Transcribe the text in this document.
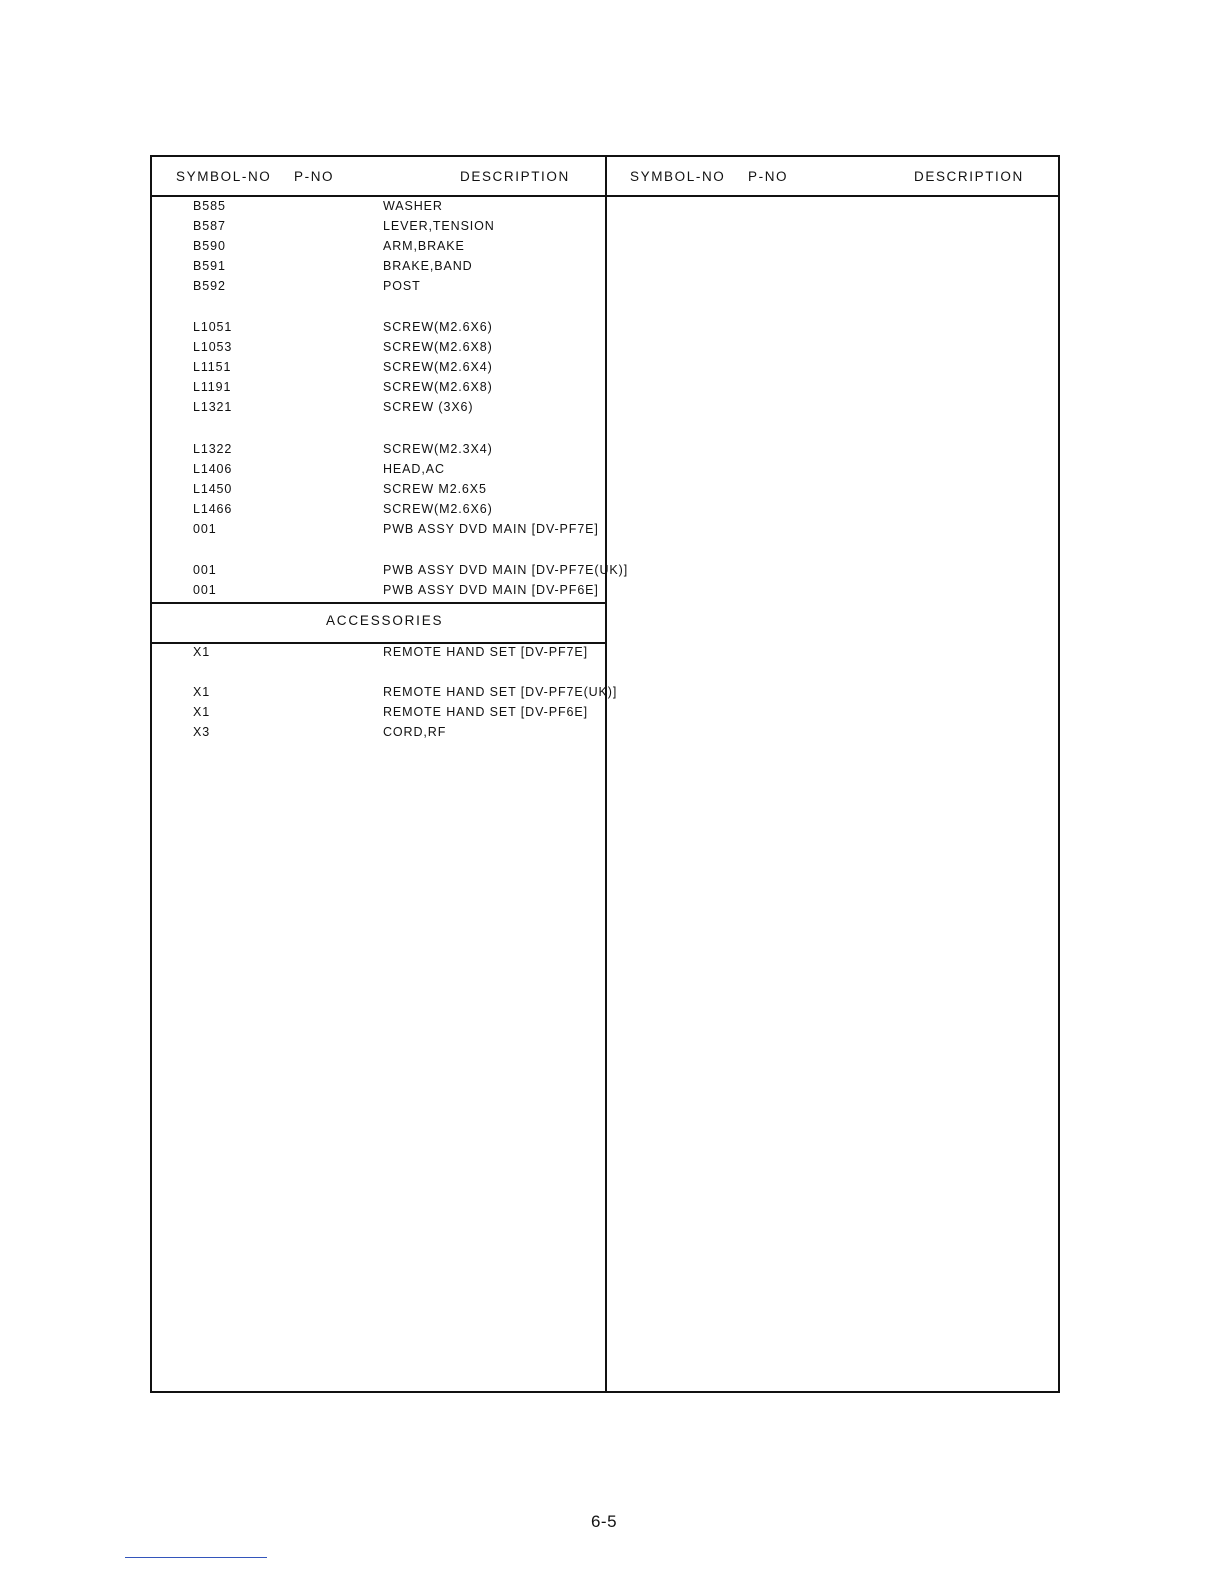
SYMBOL-NO P-NO	DESCRIPTION	SYMBOL-NO P-NO	DESCRIPTION
B585	WASHER
B587	LEVER,TENSION
B590	ARM,BRAKE
B591	BRAKE,BAND
B592	POST
L1051	SCREW(M2.6X6)
L1053	SCREW(M2.6X8)
L1151	SCREW(M2.6X4)
L1191	SCREW(M2.6X8)
L1321	SCREW (3X6)
L1322	SCREW(M2.3X4)
L1406	HEAD,AC
L1450	SCREW M2.6X5
L1466	SCREW(M2.6X6)
001	PWB ASSY DVD MAIN [DV-PF7E]
001	PWB ASSY DVD MAIN [DV-PF7E(UK)]
001	PWB ASSY DVD MAIN [DV-PF6E]
ACCESSORIES
X1	REMOTE HAND SET [DV-PF7E]
X1	REMOTE HAND SET [DV-PF7E(UK)]
X1	REMOTE HAND SET [DV-PF6E]
X3	CORD,RF
6-5
